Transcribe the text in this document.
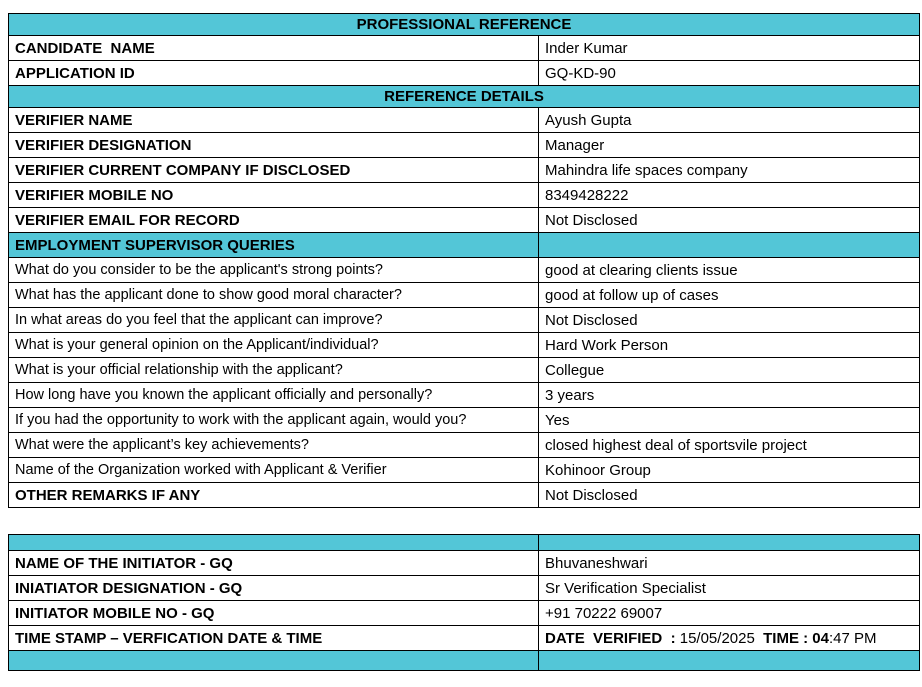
PROFESSIONAL REFERENCE	
CANDIDATE  NAME	Inder Kumar
APPLICATION ID	GQ-KD-90
REFERENCE DETAILS	
VERIFIER NAME	Ayush Gupta
VERIFIER DESIGNATION	Manager
VERIFIER CURRENT COMPANY IF DISCLOSED	Mahindra life spaces company
VERIFIER MOBILE NO	8349428222
VERIFIER EMAIL FOR RECORD	Not Disclosed
EMPLOYMENT SUPERVISOR QUERIES	
What do you consider to be the applicant's strong points?	good at clearing clients issue
What has the applicant done to show good moral character?	good at follow up of cases
In what areas do you feel that the applicant can improve?	Not Disclosed
What is your general opinion on the Applicant/individual?	Hard Work Person
What is your official relationship with the applicant?	Collegue
How long have you known the applicant officially and personally?	3 years
If you had the opportunity to work with the applicant again, would you?	Yes
What were the applicant’s key achievements?	closed highest deal of sportsvile project
Name of the Organization worked with Applicant & Verifier	Kohinoor Group
OTHER REMARKS IF ANY	Not Disclosed

NAME OF THE INITIATOR - GQ	Bhuvaneshwari
INIATIATOR DESIGNATION - GQ	Sr Verification Specialist
INITIATOR MOBILE NO - GQ	+91 70222 69007
TIME STAMP – VERFICATION DATE & TIME	DATE  VERIFIED  : 15/05/2025  TIME : 04:47 PM
